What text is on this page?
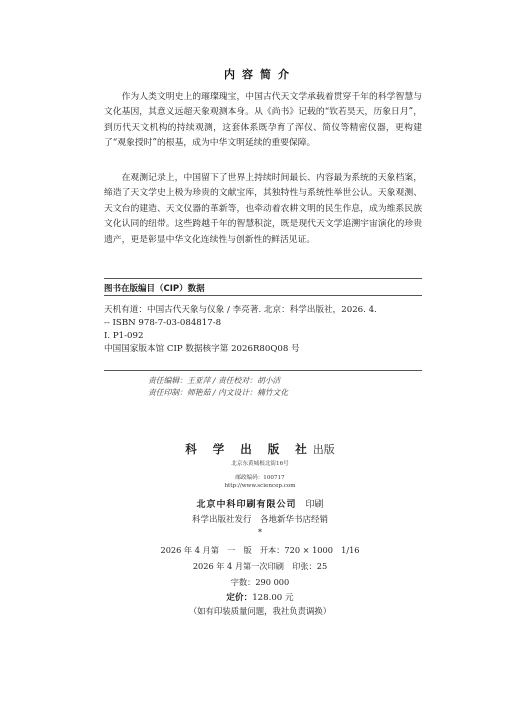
内容简介

作为人类文明史上的璀璨瑰宝，中国古代天文学承载着贯穿千年的科学智慧与文化基因，其意义远超天象观测本身。从《尚书》记载的“钦若昊天，历象日月”，到历代天文机构的持续观测，这套体系既孕育了浑仪、简仪等精密仪器，更构建了“观象授时”的根基，成为中华文明延续的重要保障。

在观测记录上，中国留下了世界上持续时间最长、内容最为系统的天象档案，缔造了天文学史上极为珍贵的文献宝库，其独特性与系统性举世公认。天象观测、天文台的建造、天文仪器的革新等，也牵动着农耕文明的民生作息，成为维系民族文化认同的纽带。这些跨越千年的智慧积淀，既是现代天文学追溯宇宙演化的珍贵遗产，更是彰显中华文化连续性与创新性的鲜活见证。

图书在版编目（CIP）数据
天机有道：中国古代天象与仪象 / 李亮著. 北京：科学出版社，2026. 4.
-- ISBN 978-7-03-084817-8
Ⅰ. P1-092
中国国家版本馆 CIP 数据核字第 2026R80Q08 号
责任编辑：王亚萍 / 责任校对：胡小洁
责任印制：师艳茹 / 内文设计：楠竹文化
科 学 出 版 社出版
北京东黄城根北街16号
邮政编码：100717
http://www.sciencep.com
北京中科印刷有限公司　 印刷
科学出版社发行　各地新华书店经销
*
2026 年 4 月第　一　版　开本：720 × 1000　1/16
2026 年 4 月第一次印刷　印张：25
字数：290 000
定价：128.00 元
（如有印装质量问题，我社负责调换）
